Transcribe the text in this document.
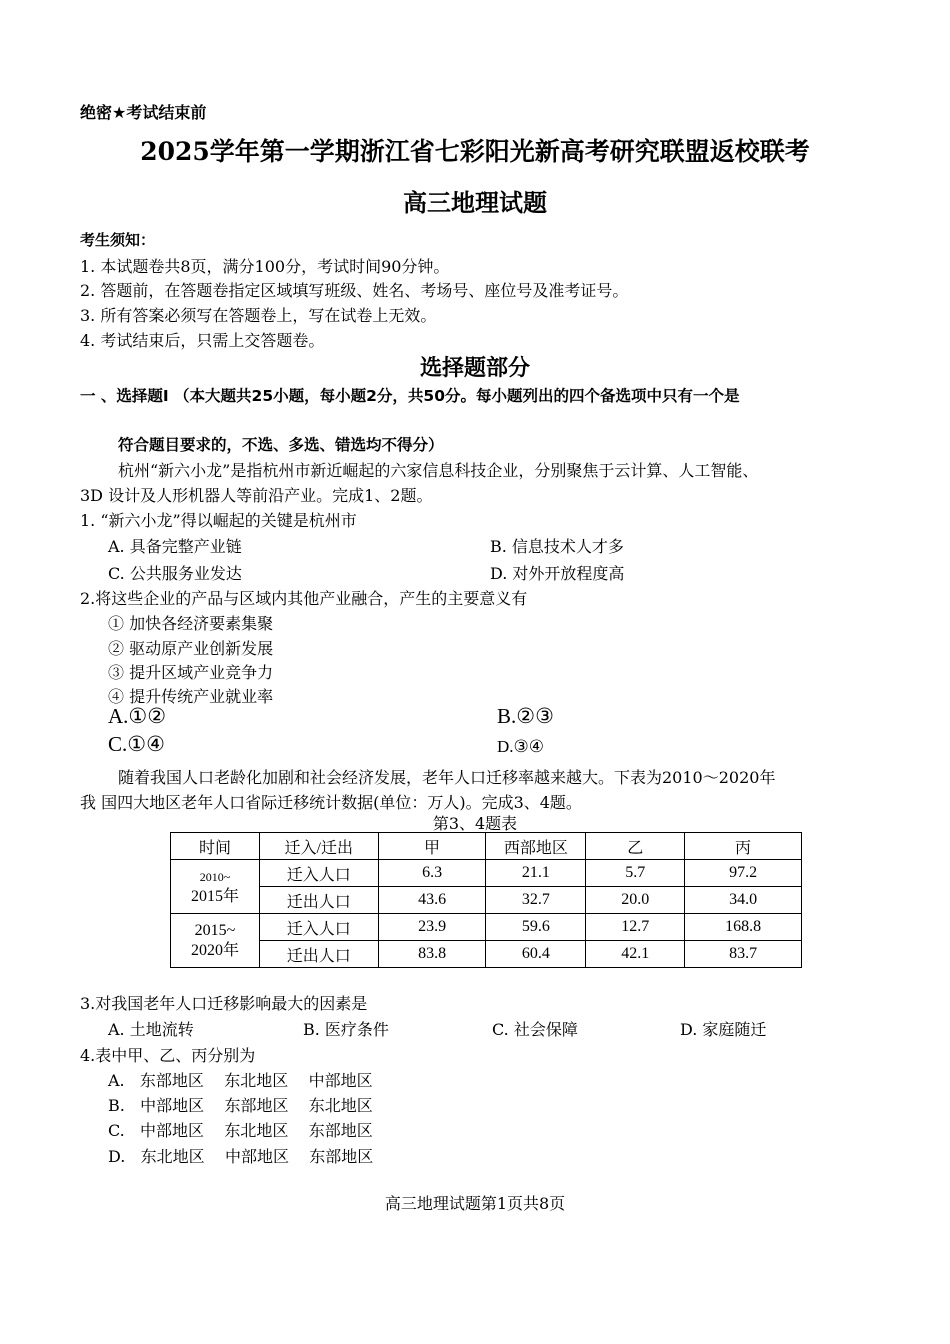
绝密★考试结束前
2025学年第一学期浙江省七彩阳光新高考研究联盟返校联考
高三地理试题
考生须知：
1. 本试题卷共8页，满分100分，考试时间90分钟。
2. 答题前，在答题卷指定区域填写班级、姓名、考场号、座位号及准考证号。
3. 所有答案必须写在答题卷上，写在试卷上无效。
4. 考试结束后，只需上交答题卷。
选择题部分
一 、选择题Ⅰ （本大题共25小题，每小题2分，共50分。每小题列出的四个备选项中只有一个是
符合题目要求的，不选、多选、错选均不得分）
杭州“新六小龙”是指杭州市新近崛起的六家信息科技企业，分别聚焦于云计算、人工智能、
3D 设计及人形机器人等前沿产业。完成1、2题。
1. “新六小龙”得以崛起的关键是杭州市
A. 具备完整产业链	B. 信息技术人才多
C. 公共服务业发达	D. 对外开放程度高
2.将这些企业的产品与区域内其他产业融合，产生的主要意义有
① 加快各经济要素集聚
② 驱动原产业创新发展
③ 提升区域产业竞争力
④ 提升传统产业就业率
A.①②	B.②③
C.①④	D.③④
随着我国人口老龄化加剧和社会经济发展，老年人口迁移率越来越大。下表为2010～2020年
我 国四大地区老年人口省际迁移统计数据(单位：万人)。完成3、4题。
第3、4题表
时间	迁入/迁出	甲	西部地区	乙	丙
2010~
2015年	迁入人口	6.3	21.1	5.7	97.2
	迁出人口	43.6	32.7	20.0	34.0
2015~
2020年	迁入人口	23.9	59.6	12.7	168.8
	迁出人口	83.8	60.4	42.1	83.7
3.对我国老年人口迁移影响最大的因素是
A. 土地流转	B. 医疗条件	C. 社会保障	D. 家庭随迁
4.表中甲、乙、丙分别为
A.   东部地区    东北地区    中部地区
B.   中部地区    东部地区    东北地区
C.   中部地区    东北地区    东部地区
D.   东北地区    中部地区    东部地区
高三地理试题第1页共8页
